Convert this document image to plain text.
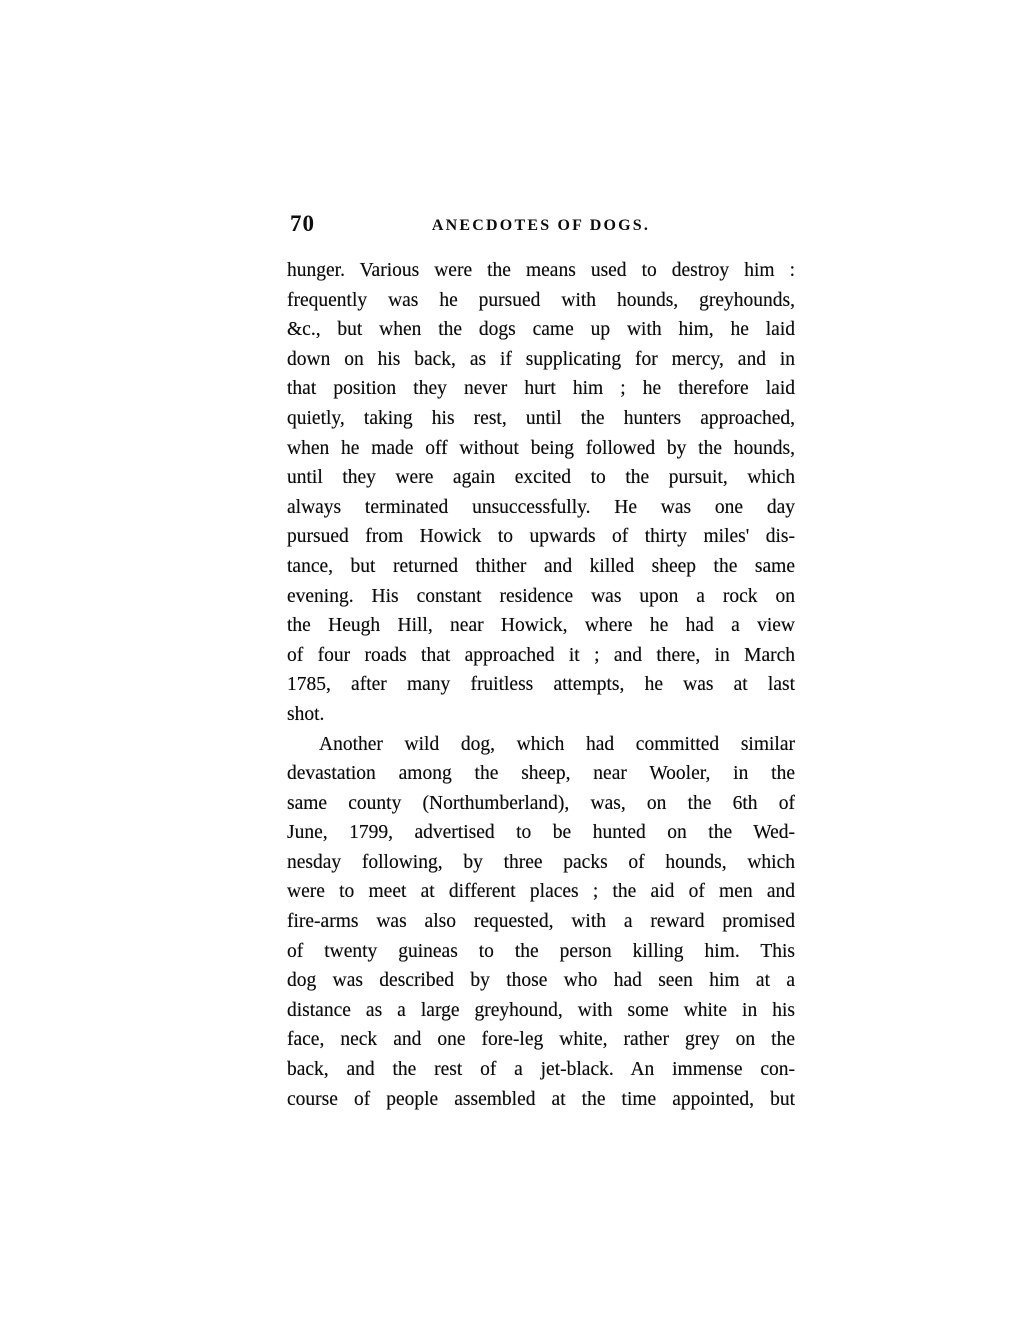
70	ANECDOTES OF DOGS.
hunger. Various were the means used to destroy him :
frequently was he pursued with hounds, greyhounds,
&c., but when the dogs came up with him, he laid
down on his back, as if supplicating for mercy, and in
that position they never hurt him ; he therefore laid
quietly, taking his rest, until the hunters approached,
when he made off without being followed by the hounds,
until they were again excited to the pursuit, which
always terminated unsuccessfully. He was one day
pursued from Howick to upwards of thirty miles' dis-
tance, but returned thither and killed sheep the same
evening. His constant residence was upon a rock on
the Heugh Hill, near Howick, where he had a view
of four roads that approached it ; and there, in March
1785, after many fruitless attempts, he was at last
shot.
Another wild dog, which had committed similar
devastation among the sheep, near Wooler, in the
same county (Northumberland), was, on the 6th of
June, 1799, advertised to be hunted on the Wed-
nesday following, by three packs of hounds, which
were to meet at different places ; the aid of men and
fire-arms was also requested, with a reward promised
of twenty guineas to the person killing him. This
dog was described by those who had seen him at a
distance as a large greyhound, with some white in his
face, neck and one fore-leg white, rather grey on the
back, and the rest of a jet-black. An immense con-
course of people assembled at the time appointed, but
